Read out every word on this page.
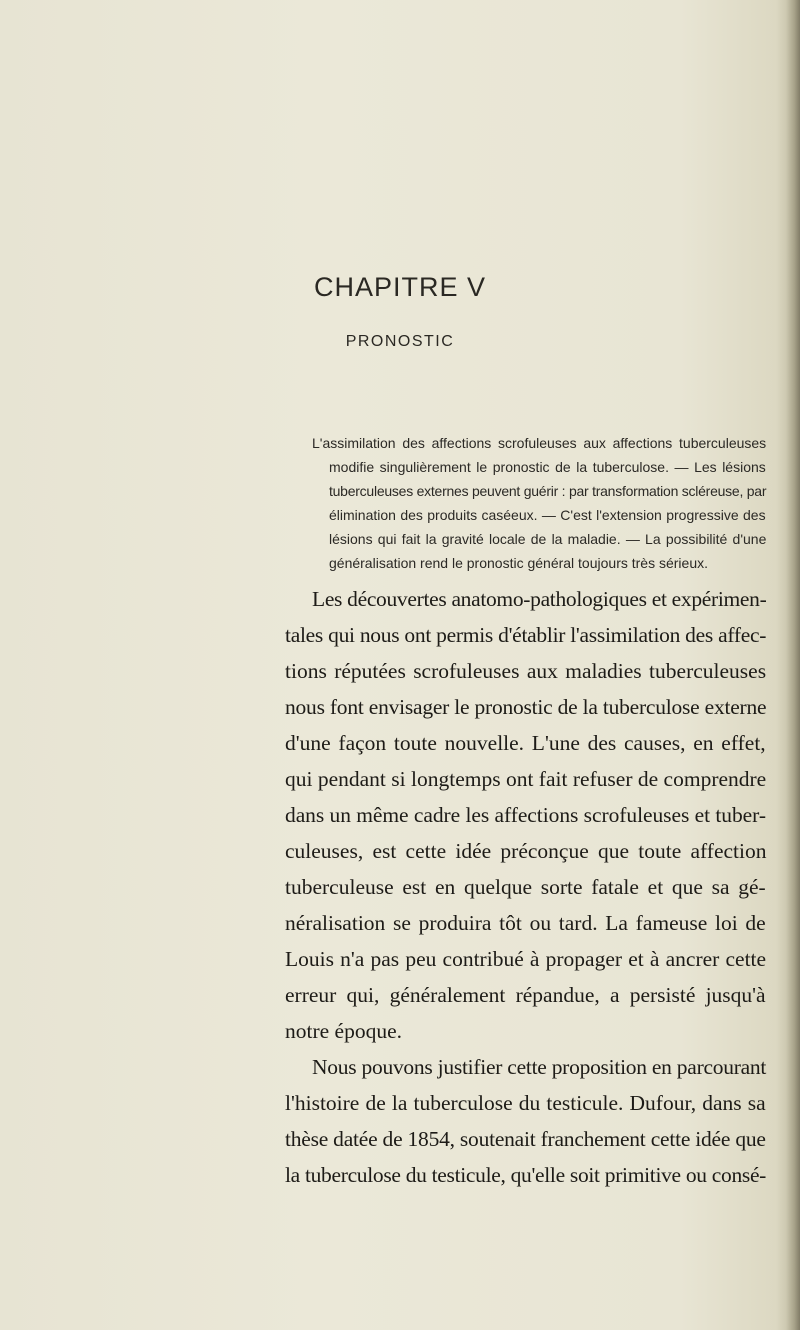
CHAPITRE V
PRONOSTIC
L'assimilation des affections scrofuleuses aux affections tuberculeuses
modifie singulièrement le pronostic de la tuberculose. — Les lésions
tuberculeuses externes peuvent guérir : par transformation scléreuse, par
élimination des produits caséeux. — C'est l'extension progressive des
lésions qui fait la gravité locale de la maladie. — La possibilité d'une
généralisation rend le pronostic général toujours très sérieux.
Les découvertes anatomo-pathologiques et expérimen-
tales qui nous ont permis d'établir l'assimilation des affec-
tions réputées scrofuleuses aux maladies tuberculeuses
nous font envisager le pronostic de la tuberculose externe
d'une façon toute nouvelle. L'une des causes, en effet,
qui pendant si longtemps ont fait refuser de comprendre
dans un même cadre les affections scrofuleuses et tuber-
culeuses, est cette idée préconçue que toute affection
tuberculeuse est en quelque sorte fatale et que sa gé-
néralisation se produira tôt ou tard. La fameuse loi de
Louis n'a pas peu contribué à propager et à ancrer cette
erreur qui, généralement répandue, a persisté jusqu'à
notre époque.
Nous pouvons justifier cette proposition en parcourant
l'histoire de la tuberculose du testicule. Dufour, dans sa
thèse datée de 1854, soutenait franchement cette idée que
la tuberculose du testicule, qu'elle soit primitive ou consé-
